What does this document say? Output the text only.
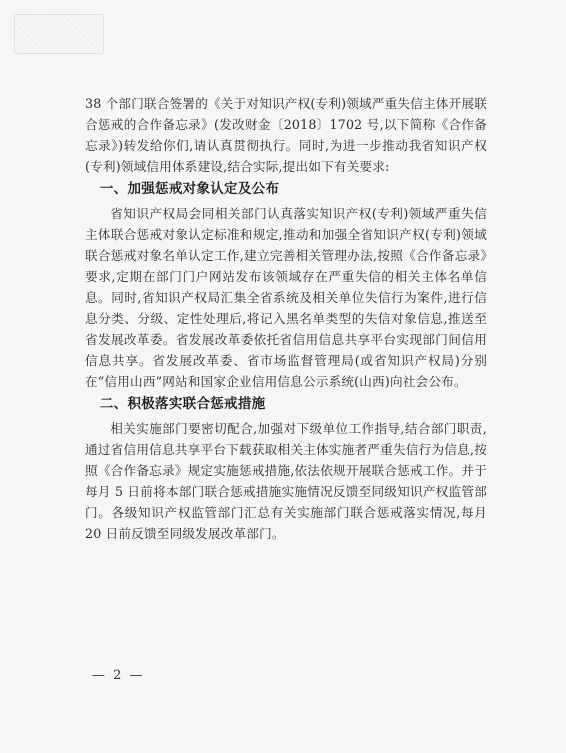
38 个部门联合签署的《关于对知识产权(专利)领域严重失信主体开展联合惩戒的合作备忘录》(发改财金〔2018〕1702 号,以下简称《合作备忘录》)转发给你们,请认真贯彻执行。同时,为进一步推动我省知识产权(专利)领域信用体系建设,结合实际,提出如下有关要求:

一、加强惩戒对象认定及公布

省知识产权局会同相关部门认真落实知识产权(专利)领域严重失信主体联合惩戒对象认定标准和规定,推动和加强全省知识产权(专利)领域联合惩戒对象名单认定工作,建立完善相关管理办法,按照《合作备忘录》要求,定期在部门门户网站发布该领域存在严重失信的相关主体名单信息。同时,省知识产权局汇集全省系统及相关单位失信行为案件,进行信息分类、分级、定性处理后,将记入黑名单类型的失信对象信息,推送至省发展改革委。省发展改革委依托省信用信息共享平台实现部门间信用信息共享。省发展改革委、省市场监督管理局(或省知识产权局)分别在“信用山西”网站和国家企业信用信息公示系统(山西)向社会公布。

二、积极落实联合惩戒措施

相关实施部门要密切配合,加强对下级单位工作指导,结合部门职责,通过省信用信息共享平台下载获取相关主体实施者严重失信行为信息,按照《合作备忘录》规定实施惩戒措施,依法依规开展联合惩戒工作。并于每月 5 日前将本部门联合惩戒措施实施情况反馈至同级知识产权监管部门。各级知识产权监管部门汇总有关实施部门联合惩戒落实情况,每月 20 日前反馈至同级发展改革部门。

— 2 —
